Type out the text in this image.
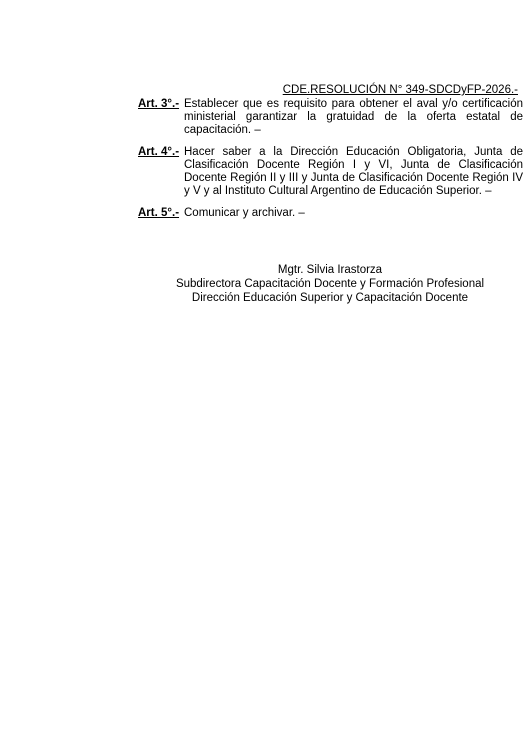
CDE.RESOLUCIÓN N° 349-SDCDyFP-2026.-
Art. 3°.- Establecer que es requisito para obtener el aval y/o certificación ministerial garantizar la gratuidad de la oferta estatal de capacitación. –
Art. 4°.- Hacer saber a la Dirección Educación Obligatoria, Junta de Clasificación Docente Región I y VI, Junta de Clasificación Docente Región II y III y Junta de Clasificación Docente Región IV y V y al Instituto Cultural Argentino de Educación Superior. –
Art. 5°.- Comunicar y archivar. –
Mgtr. Silvia Irastorza
Subdirectora Capacitación Docente y Formación Profesional
Dirección Educación Superior y Capacitación Docente
